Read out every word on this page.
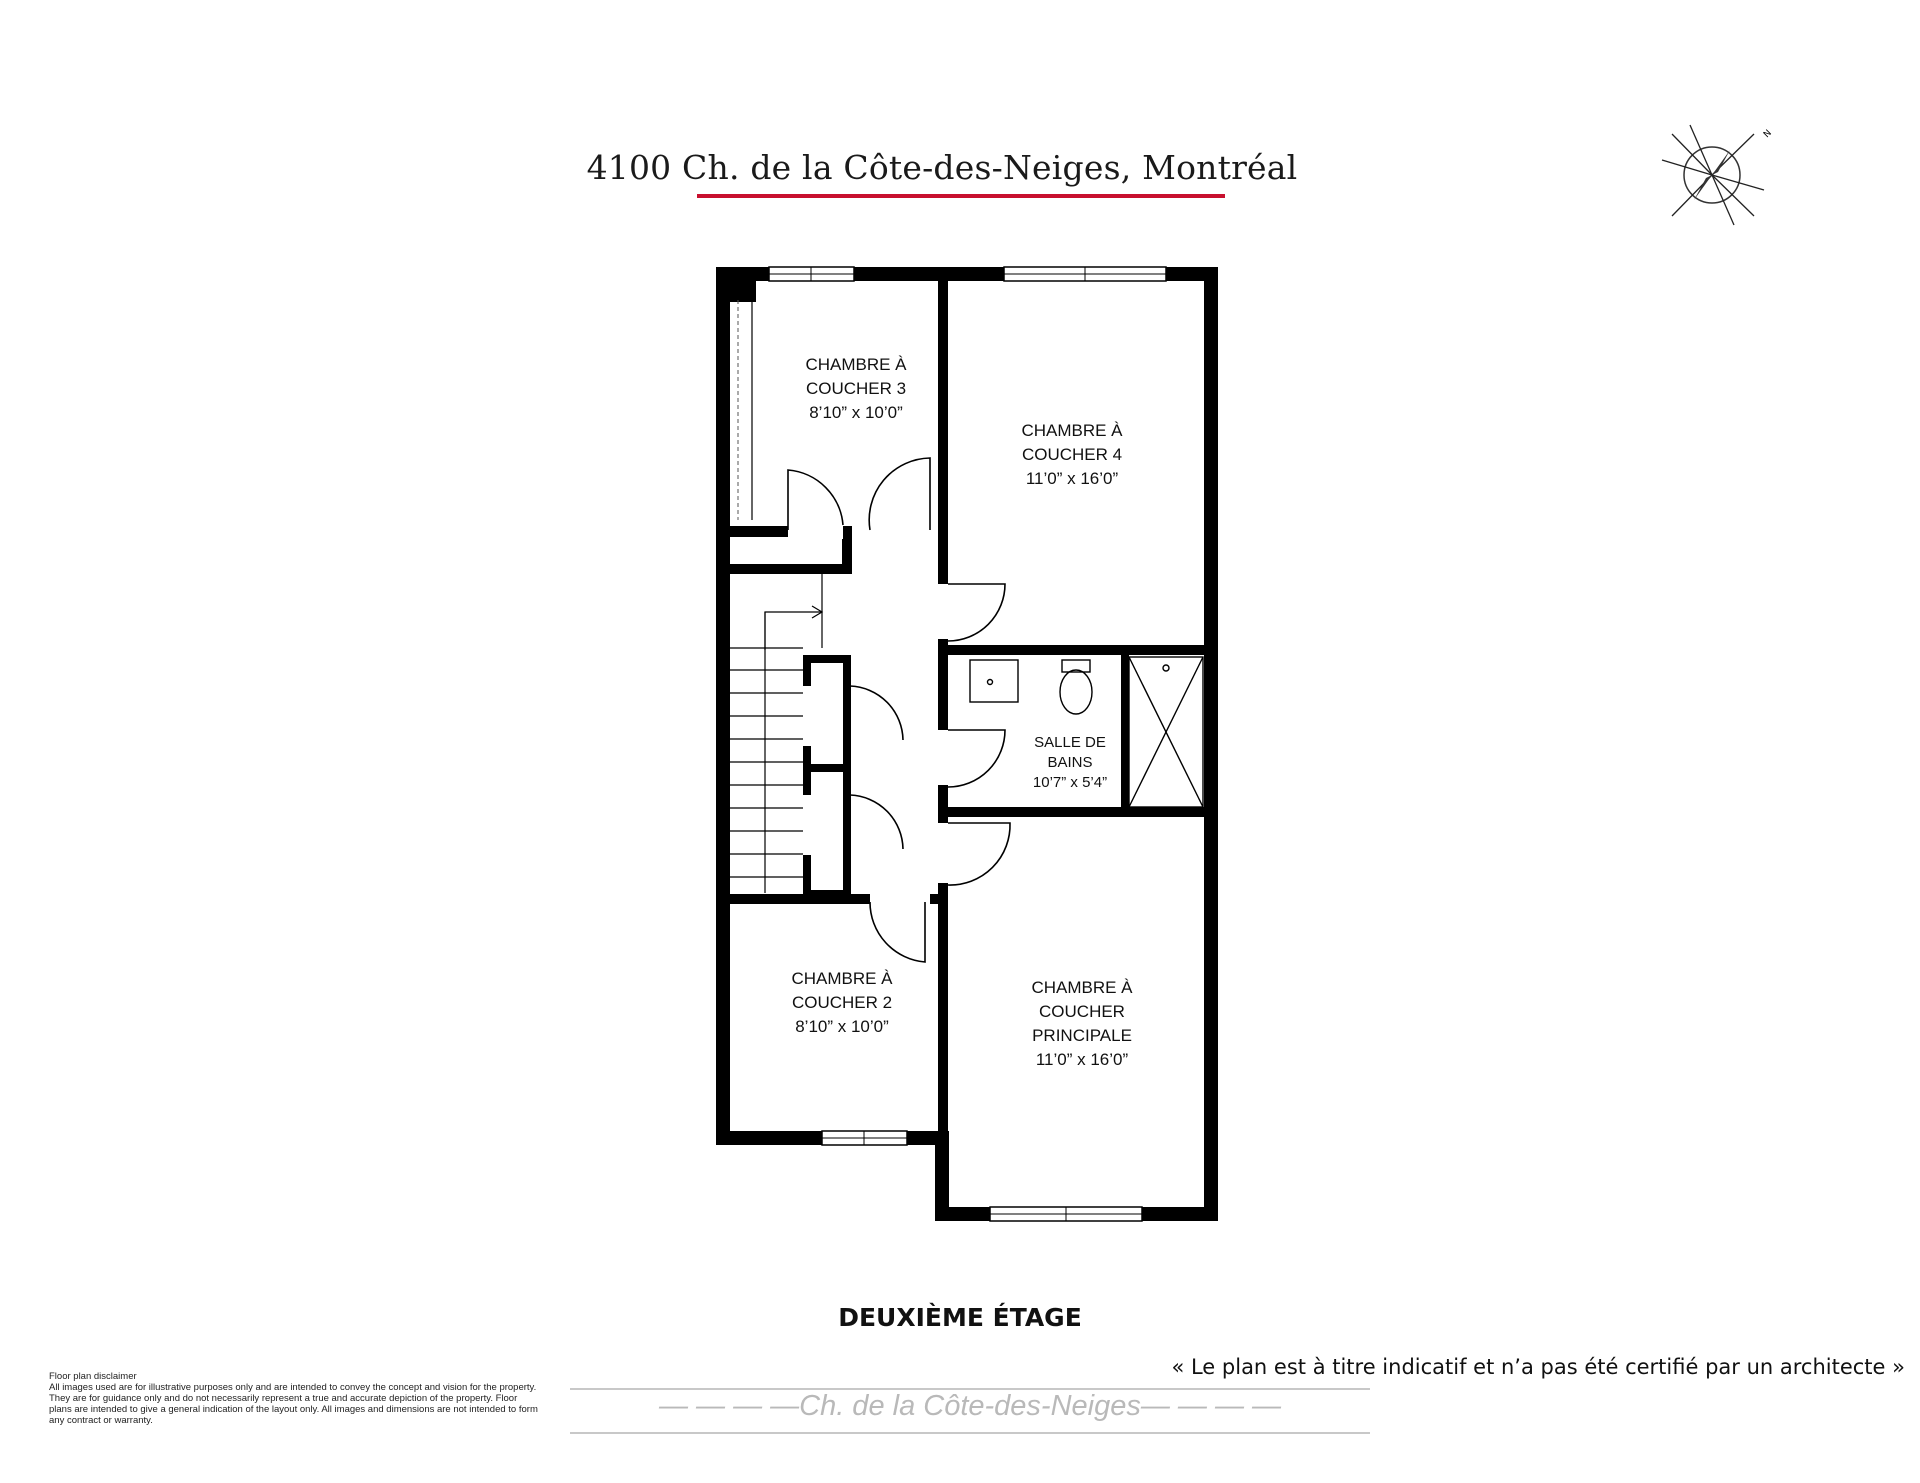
4100 Ch. de la Côte-des-Neiges, Montréal
N
CHAMBRE À
COUCHER 3
8’10” x 10’0”
CHAMBRE À
COUCHER 4
11’0” x 16’0”
SALLE DE
BAINS
10’7” x 5’4”
CHAMBRE À
COUCHER 2
8’10” x 10’0”
CHAMBRE À
COUCHER
PRINCIPALE
11’0” x 16’0”
DEUXIÈME ÉTAGE
« Le plan est à titre indicatif et n’a pas été certifié par un architecte »
— — — —Ch. de la Côte-des-Neiges— — — —
Floor plan disclaimer
All images used are for illustrative purposes only and are intended to convey the concept and vision for the property. They are for guidance only and do not necessarily represent a true and accurate depiction of the property. Floor plans are intended to give a general indication of the layout only. All images and dimensions are not intended to form any contract or warranty.
